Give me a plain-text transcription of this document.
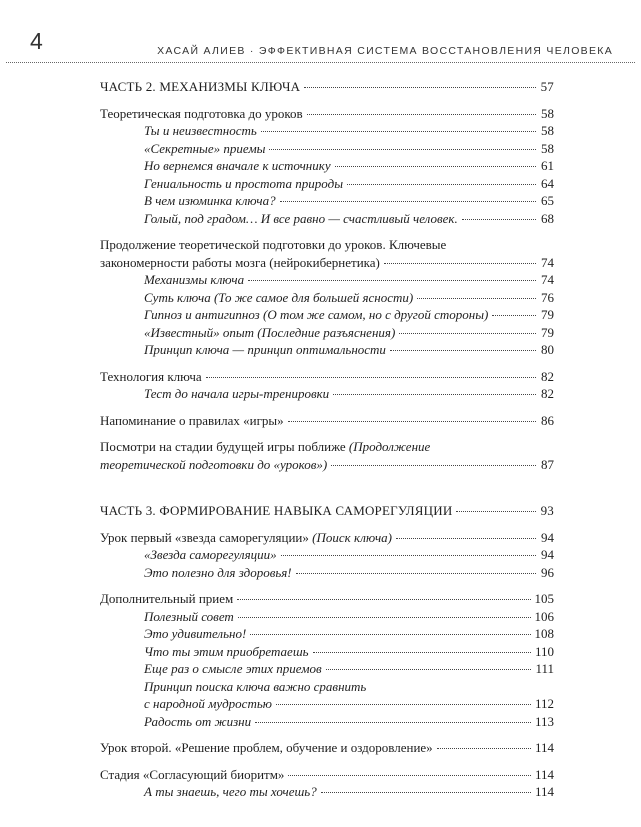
4	ХАСАЙ АЛИЕВ · ЭФФЕКТИВНАЯ СИСТЕМА ВОССТАНОВЛЕНИЯ ЧЕЛОВЕКА
ЧАСТЬ 2. МЕХАНИЗМЫ КЛЮЧА	57
Теоретическая подготовка до уроков	58
Ты и неизвестность	58
«Секретные» приемы	58
Но вернемся вначале к источнику	61
Гениальность и простота природы	64
В чем изюминка ключа?	65
Голый, под градом… И все равно — счастливый человек.	68
Продолжение теоретической подготовки до уроков. Ключевые
закономерности работы мозга (нейрокибернетика)	74
Механизмы ключа	74
Суть ключа (То же самое для большей ясности)	76
Гипноз и антигипноз (О том же самом, но с другой стороны)	79
«Известный» опыт (Последние разъяснения)	79
Принцип ключа — принцип оптимальности	80
Технология ключа	82
Тест до начала игры-тренировки	82
Напоминание о правилах «игры»	86
Посмотри на стадии будущей игры поближе (Продолжение
теоретической подготовки до «уроков»)	87
ЧАСТЬ 3. ФОРМИРОВАНИЕ НАВЫКА САМОРЕГУЛЯЦИИ	93
Урок первый «звезда саморегуляции» (Поиск ключа)	94
«Звезда саморегуляции»	94
Это полезно для здоровья!	96
Дополнительный прием	105
Полезный совет	106
Это удивительно!	108
Что ты этим приобретаешь	110
Еще раз о смысле этих приемов	111
Принцип поиска ключа важно сравнить
с народной мудростью	112
Радость от жизни	113
Урок второй. «Решение проблем, обучение и оздоровление»	114
Стадия «Согласующий биоритм»	114
А ты знаешь, чего ты хочешь?	114
